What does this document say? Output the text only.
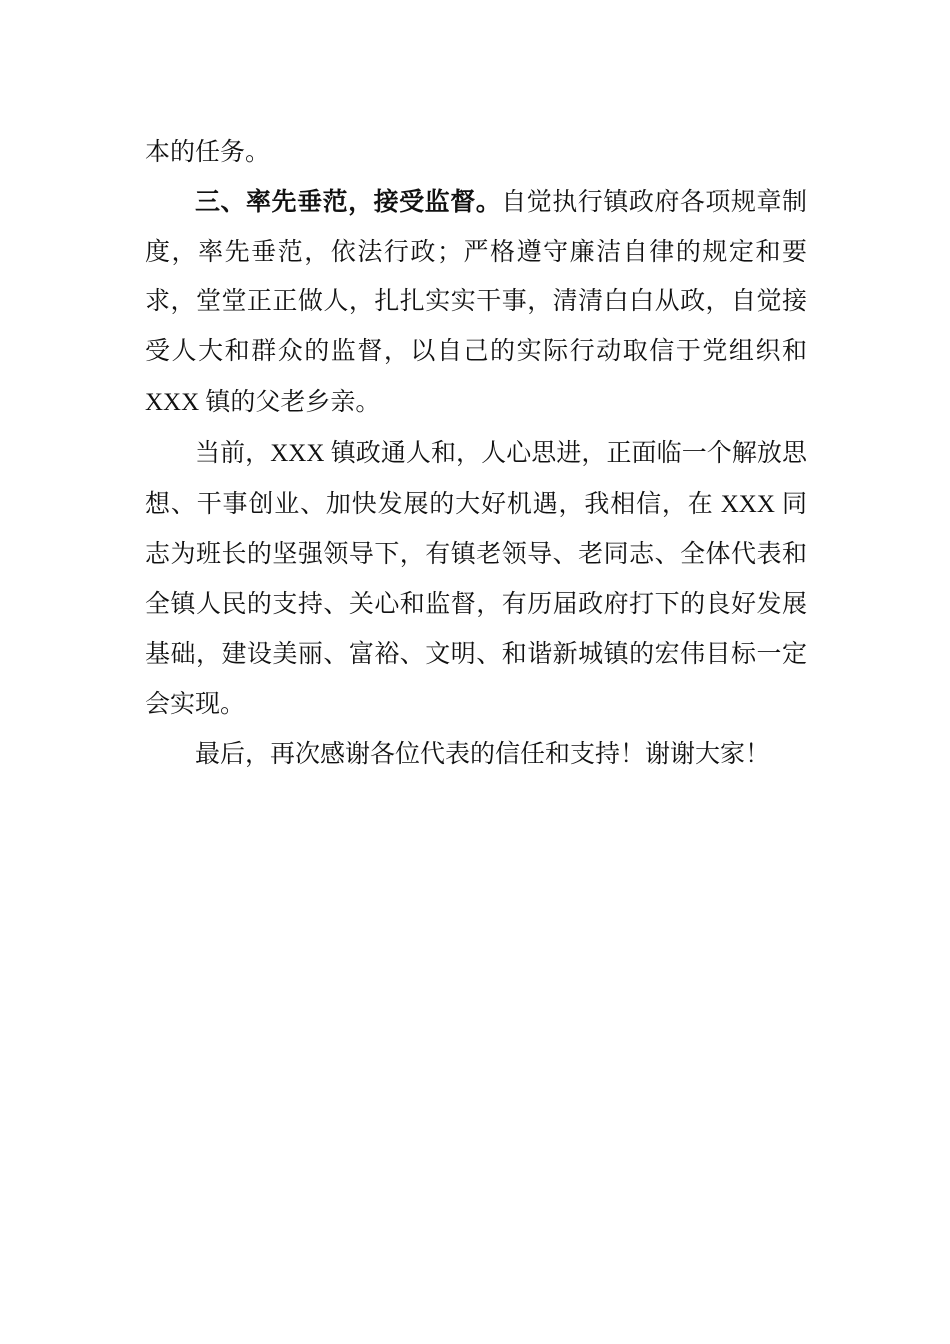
本的任务。

三、率先垂范，接受监督。自觉执行镇政府各项规章制度，率先垂范，依法行政；严格遵守廉洁自律的规定和要求，堂堂正正做人，扎扎实实干事，清清白白从政，自觉接受人大和群众的监督，以自己的实际行动取信于党组织和 XXX 镇的父老乡亲。

当前，XXX 镇政通人和，人心思进，正面临一个解放思想、干事创业、加快发展的大好机遇，我相信，在 XXX 同志为班长的坚强领导下，有镇老领导、老同志、全体代表和全镇人民的支持、关心和监督，有历届政府打下的良好发展基础，建设美丽、富裕、文明、和谐新城镇的宏伟目标一定会实现。

最后，再次感谢各位代表的信任和支持！谢谢大家！
